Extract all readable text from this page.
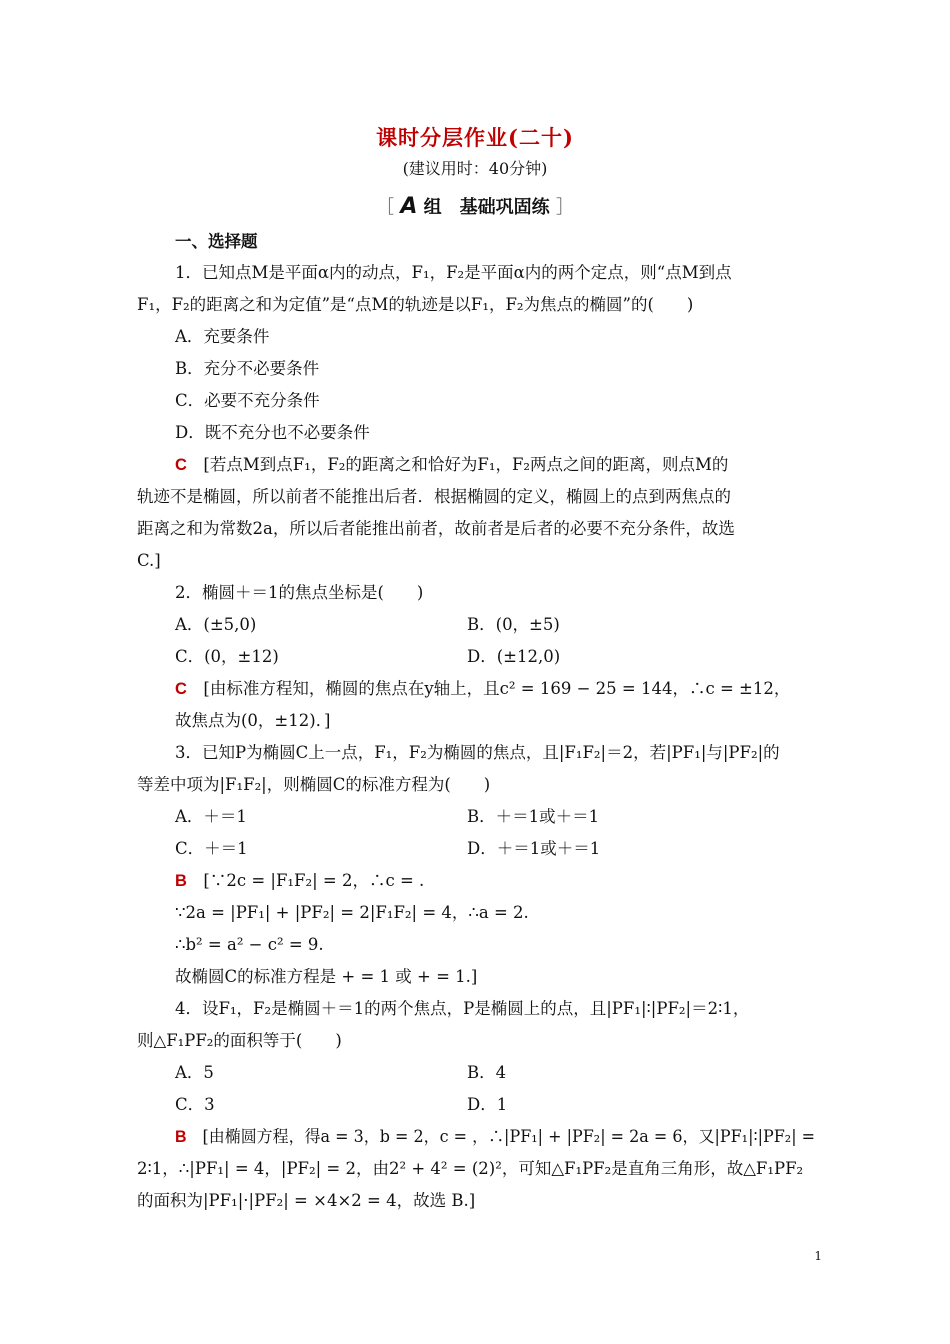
课时分层作业(二十)
(建议用时：40分钟)
［ A 组　基础巩固练 ］
一、选择题
1．已知点M是平面α内的动点，F₁，F₂是平面α内的两个定点，则“点M到点
F₁，F₂的距离之和为定值”是“点M的轨迹是以F₁，F₂为焦点的椭圆”的(　　)
A．充要条件
B．充分不必要条件
C．必要不充分条件
D．既不充分也不必要条件
C　 [若点M到点F₁，F₂的距离之和恰好为F₁，F₂两点之间的距离，则点M的
轨迹不是椭圆，所以前者不能推出后者．根据椭圆的定义，椭圆上的点到两焦点的
距离之和为常数2a，所以后者能推出前者，故前者是后者的必要不充分条件，故选
C.]
2．椭圆＋＝1的焦点坐标是(　　)
A．(±5,0)	B．(0，±5)
C．(0，±12)	D．(±12,0)
C　 [由标准方程知，椭圆的焦点在y轴上，且c² = 169 − 25 = 144，∴c = ±12，
故焦点为(0，±12)．]
3．已知P为椭圆C上一点，F₁，F₂为椭圆的焦点，且|F₁F₂|＝2，若|PF₁|与|PF₂|的
等差中项为|F₁F₂|，则椭圆C的标准方程为(　　)
A．＋＝1	B．＋＝1或＋＝1
C．＋＝1	D．＋＝1或＋＝1
B　 [∵2c = |F₁F₂| = 2，∴c = .
∵2a = |PF₁| + |PF₂| = 2|F₁F₂| = 4，∴a = 2.
∴b² = a² − c² = 9.
故椭圆C的标准方程是 + = 1 或 + = 1.]
4．设F₁，F₂是椭圆＋＝1的两个焦点，P是椭圆上的点，且|PF₁|∶|PF₂|＝2∶1，
则△F₁PF₂的面积等于(　　)
A．5	B．4
C．3	D．1
B　 [由椭圆方程，得a = 3，b = 2，c = ，∴|PF₁| + |PF₂| = 2a = 6，又|PF₁|∶|PF₂| =
2∶1，∴|PF₁| = 4，|PF₂| = 2，由2² + 4² = (2)²，可知△F₁PF₂是直角三角形，故△F₁PF₂
的面积为|PF₁|·|PF₂| = ×4×2 = 4，故选 B.]
1
